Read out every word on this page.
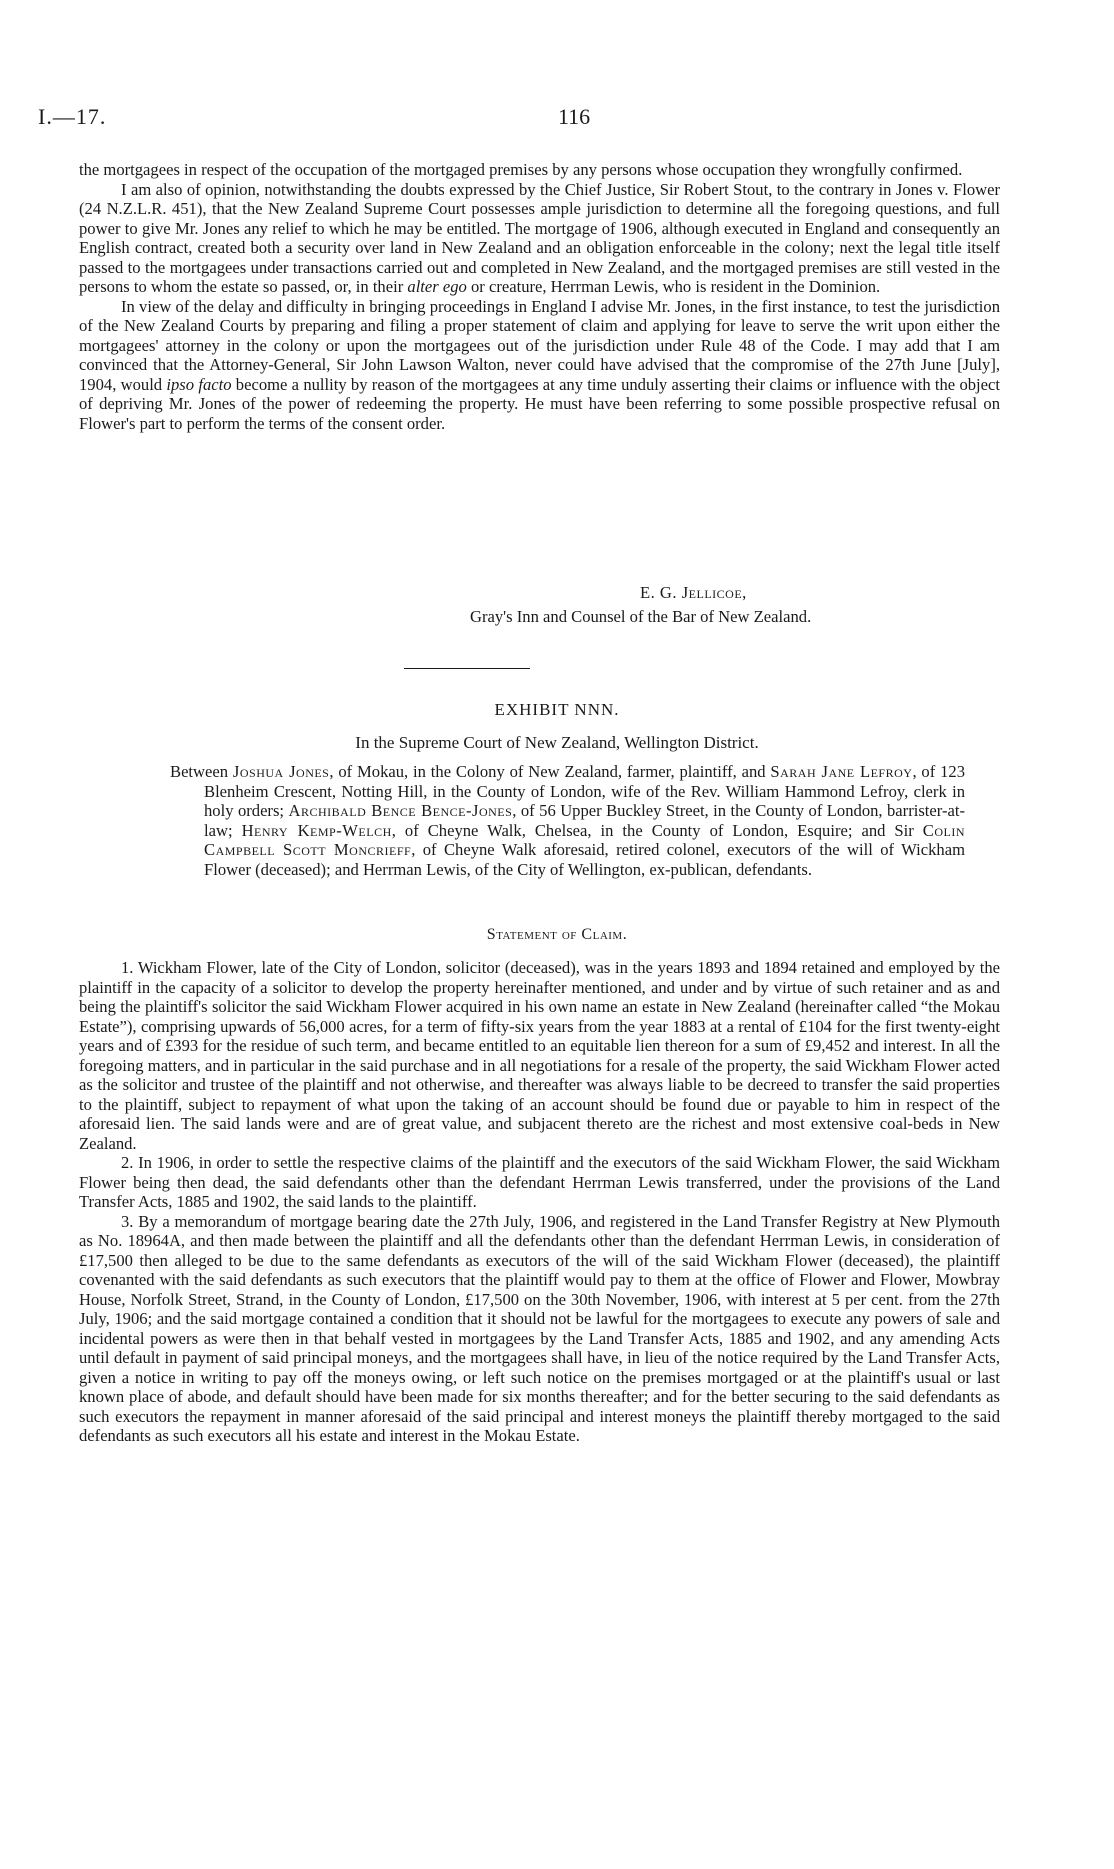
I.—17.	116

the mortgagees in respect of the occupation of the mortgaged premises by any persons whose occupation they wrongfully confirmed.

I am also of opinion, notwithstanding the doubts expressed by the Chief Justice, Sir Robert Stout, to the contrary in Jones v. Flower (24 N.Z.L.R. 451), that the New Zealand Supreme Court possesses ample jurisdiction to determine all the foregoing questions, and full power to give Mr. Jones any relief to which he may be entitled. The mortgage of 1906, although executed in England and consequently an English contract, created both a security over land in New Zealand and an obligation enforceable in the colony; next the legal title itself passed to the mortgagees under transactions carried out and completed in New Zealand, and the mortgaged premises are still vested in the persons to whom the estate so passed, or, in their alter ego or creature, Herrman Lewis, who is resident in the Dominion.

In view of the delay and difficulty in bringing proceedings in England I advise Mr. Jones, in the first instance, to test the jurisdiction of the New Zealand Courts by preparing and filing a proper statement of claim and applying for leave to serve the writ upon either the mortgagees' attorney in the colony or upon the mortgagees out of the jurisdiction under Rule 48 of the Code. I may add that I am convinced that the Attorney-General, Sir John Lawson Walton, never could have advised that the compromise of the 27th June [July], 1904, would ipso facto become a nullity by reason of the mortgagees at any time unduly asserting their claims or influence with the object of depriving Mr. Jones of the power of redeeming the property. He must have been referring to some possible prospective refusal on Flower's part to perform the terms of the consent order.

E. G. Jellicoe,
Gray's Inn and Counsel of the Bar of New Zealand.
EXHIBIT NNN.
In the Supreme Court of New Zealand, Wellington District.

Between Joshua Jones, of Mokau, in the Colony of New Zealand, farmer, plaintiff, and Sarah Jane Lefroy, of 123 Blenheim Crescent, Notting Hill, in the County of London, wife of the Rev. William Hammond Lefroy, clerk in holy orders; Archibald Bence Bence-Jones, of 56 Upper Buckley Street, in the County of London, barrister-at-law; Henry Kemp-Welch, of Cheyne Walk, Chelsea, in the County of London, Esquire; and Sir Colin Campbell Scott Moncrieff, of Cheyne Walk aforesaid, retired colonel, executors of the will of Wickham Flower (deceased); and Herrman Lewis, of the City of Wellington, ex-publican, defendants.

Statement of Claim.

1. Wickham Flower, late of the City of London, solicitor (deceased), was in the years 1893 and 1894 retained and employed by the plaintiff in the capacity of a solicitor to develop the property hereinafter mentioned, and under and by virtue of such retainer and as and being the plaintiff's solicitor the said Wickham Flower acquired in his own name an estate in New Zealand (hereinafter called “the Mokau Estate”), comprising upwards of 56,000 acres, for a term of fifty-six years from the year 1883 at a rental of £104 for the first twenty-eight years and of £393 for the residue of such term, and became entitled to an equitable lien thereon for a sum of £9,452 and interest. In all the foregoing matters, and in particular in the said purchase and in all negotiations for a resale of the property, the said Wickham Flower acted as the solicitor and trustee of the plaintiff and not otherwise, and thereafter was always liable to be decreed to transfer the said properties to the plaintiff, subject to repayment of what upon the taking of an account should be found due or payable to him in respect of the aforesaid lien. The said lands were and are of great value, and subjacent thereto are the richest and most extensive coal-beds in New Zealand.

2. In 1906, in order to settle the respective claims of the plaintiff and the executors of the said Wickham Flower, the said Wickham Flower being then dead, the said defendants other than the defendant Herrman Lewis transferred, under the provisions of the Land Transfer Acts, 1885 and 1902, the said lands to the plaintiff.

3. By a memorandum of mortgage bearing date the 27th July, 1906, and registered in the Land Transfer Registry at New Plymouth as No. 18964A, and then made between the plaintiff and all the defendants other than the defendant Herrman Lewis, in consideration of £17,500 then alleged to be due to the same defendants as executors of the will of the said Wickham Flower (deceased), the plaintiff covenanted with the said defendants as such executors that the plaintiff would pay to them at the office of Flower and Flower, Mowbray House, Norfolk Street, Strand, in the County of London, £17,500 on the 30th November, 1906, with interest at 5 per cent. from the 27th July, 1906; and the said mortgage contained a condition that it should not be lawful for the mortgagees to execute any powers of sale and incidental powers as were then in that behalf vested in mortgagees by the Land Transfer Acts, 1885 and 1902, and any amending Acts until default in payment of said principal moneys, and the mortgagees shall have, in lieu of the notice required by the Land Transfer Acts, given a notice in writing to pay off the moneys owing, or left such notice on the premises mortgaged or at the plaintiff's usual or last known place of abode, and default should have been made for six months thereafter; and for the better securing to the said defendants as such executors the repayment in manner aforesaid of the said principal and interest moneys the plaintiff thereby mortgaged to the said defendants as such executors all his estate and interest in the Mokau Estate.
